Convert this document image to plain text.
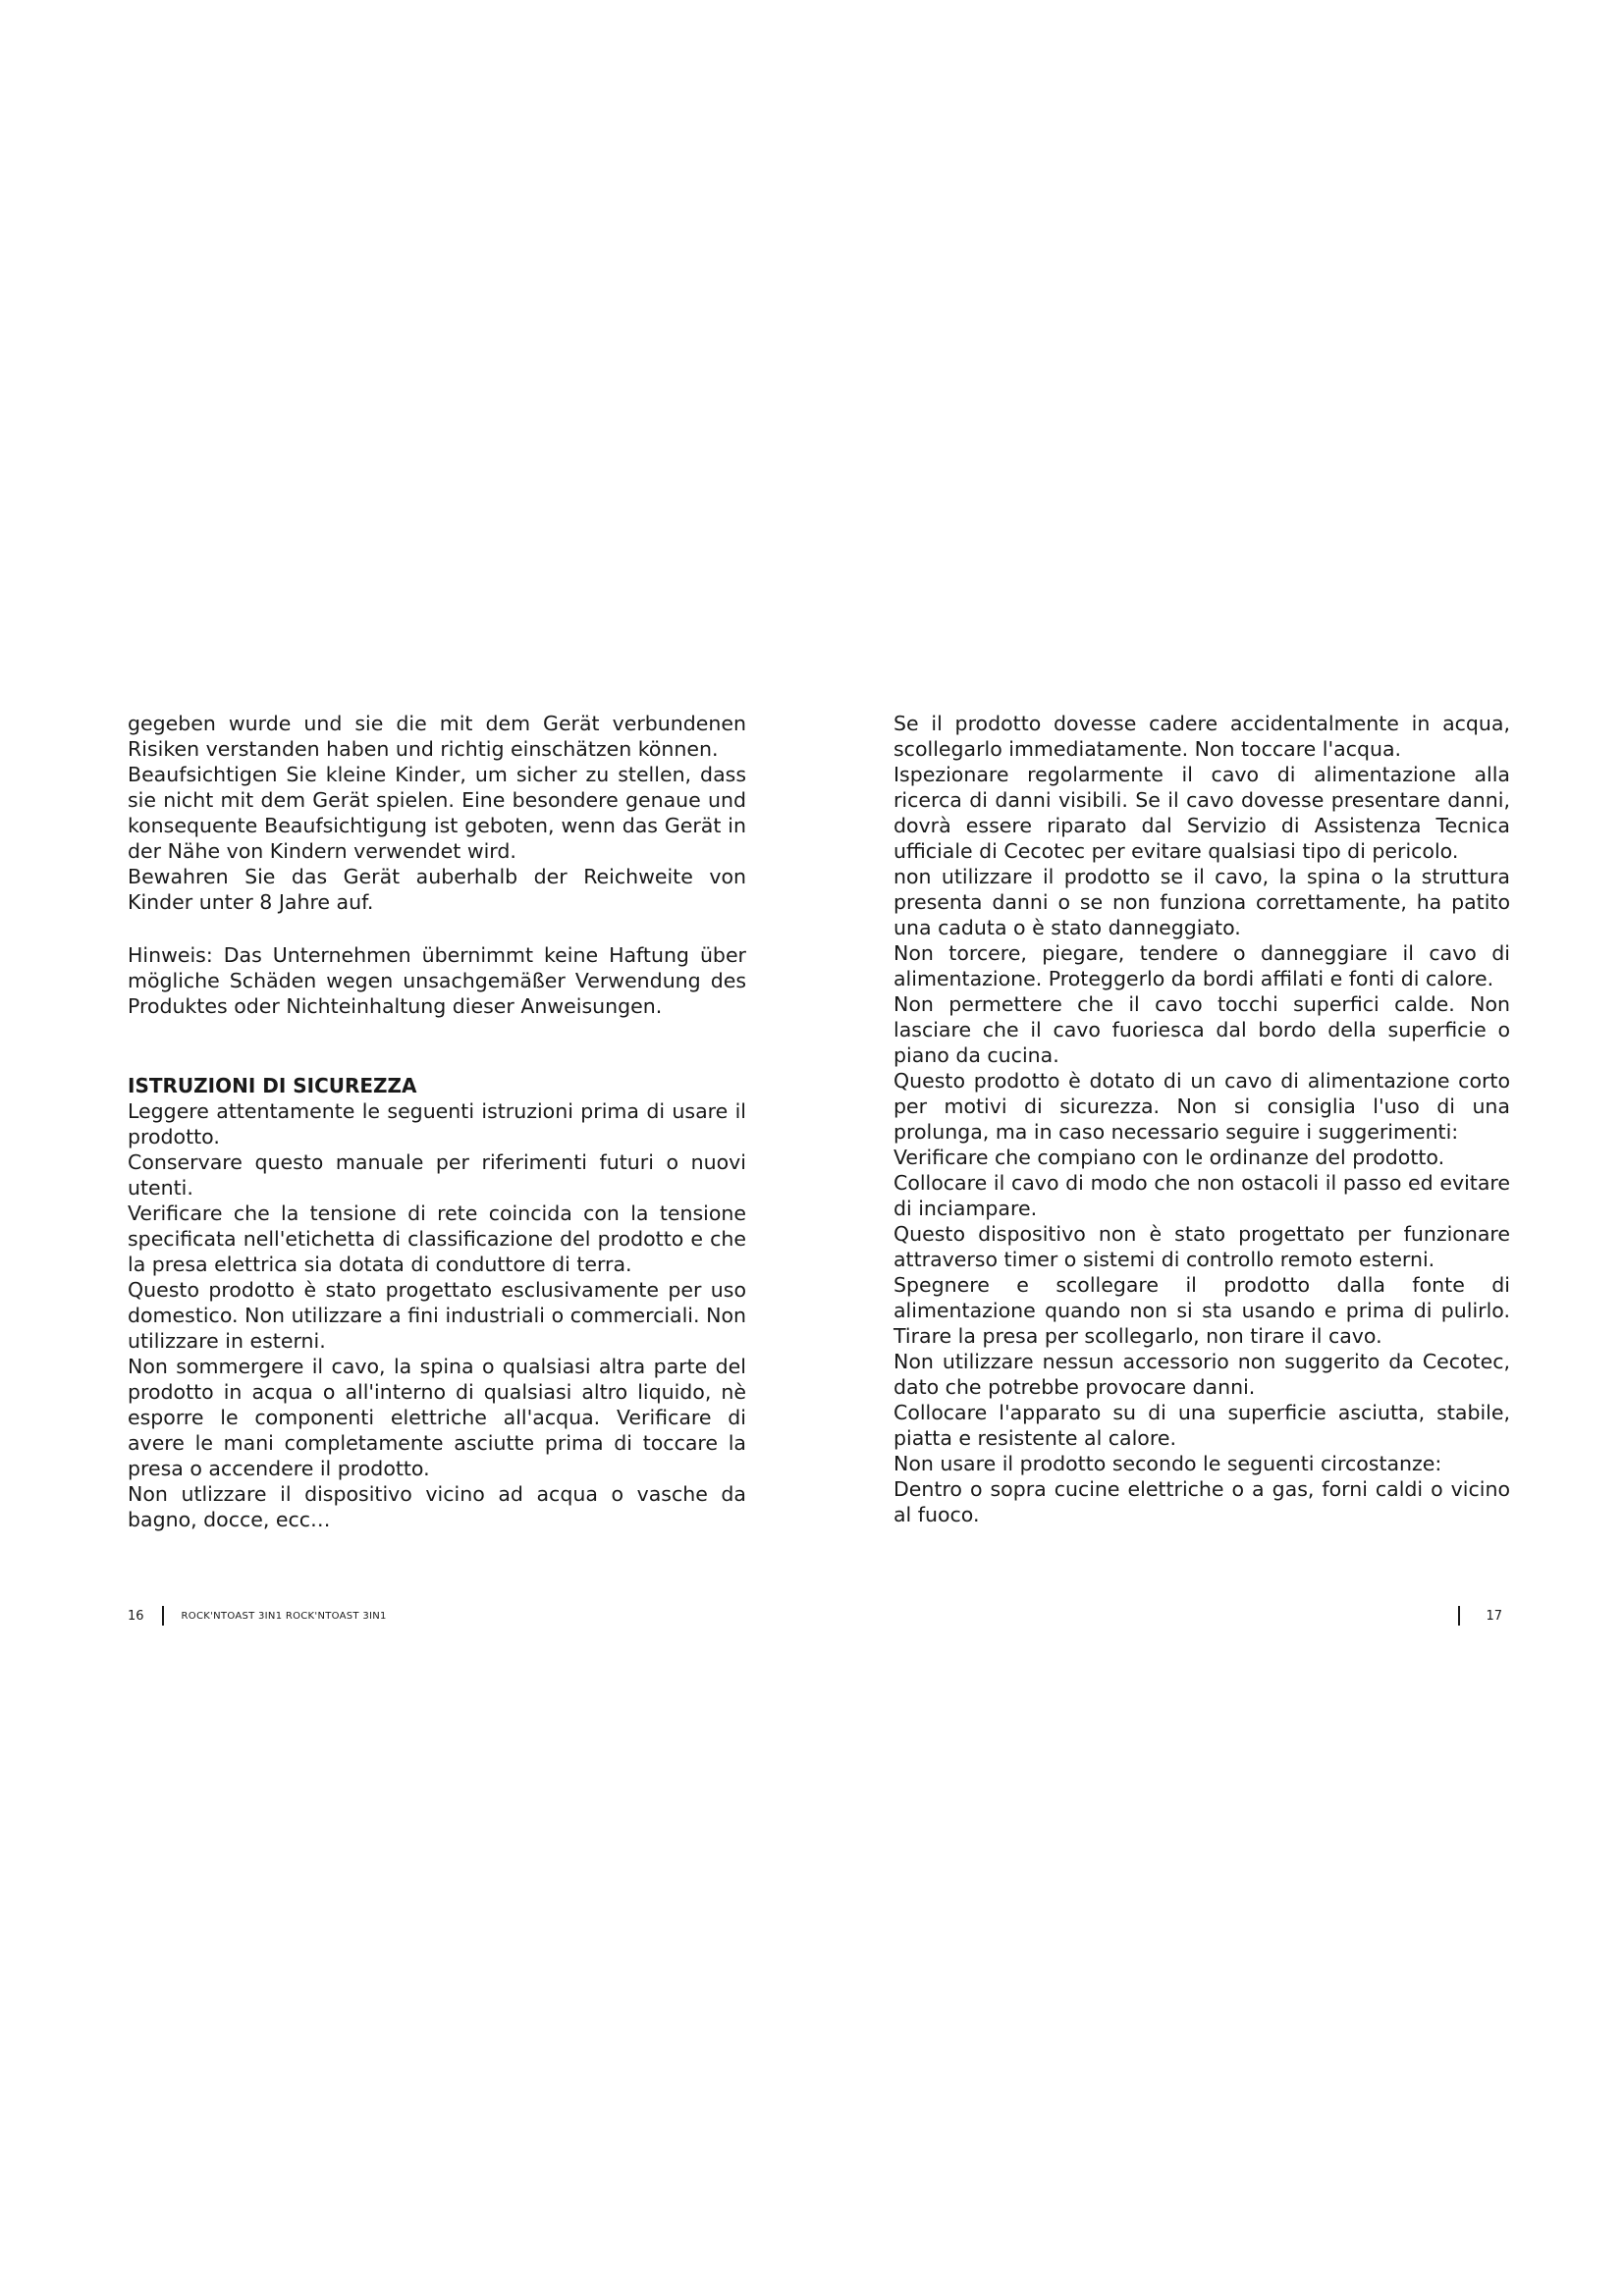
gegeben wurde und sie die mit dem Gerät verbundenen Risiken verstanden haben und richtig einschätzen können.

Beaufsichtigen Sie kleine Kinder, um sicher zu stellen, dass sie nicht mit dem Gerät spielen. Eine besondere genaue und konsequente Beaufsichtigung ist geboten, wenn das Gerät in der Nähe von Kindern verwendet wird.

Bewahren Sie das Gerät auberhalb der Reichweite von Kinder unter 8 Jahre auf.

Hinweis: Das Unternehmen übernimmt keine Haftung über mögliche Schäden wegen unsachgemäßer Verwendung des Produktes oder Nichteinhaltung dieser Anweisungen.

ISTRUZIONI DI SICUREZZA

Leggere attentamente le seguenti istruzioni prima di usare il prodotto.

Conservare questo manuale per riferimenti futuri o nuovi utenti.

Verificare che la tensione di rete coincida con la tensione specificata nell'etichetta di classificazione del prodotto e che la presa elettrica sia dotata di conduttore di terra.

Questo prodotto è stato progettato esclusivamente per uso domestico. Non utilizzare a fini industriali o commerciali. Non utilizzare in esterni.

Non sommergere il cavo, la spina o qualsiasi altra parte del prodotto in acqua o all'interno di qualsiasi altro liquido, nè esporre le componenti elettriche all'acqua. Verificare di avere le mani completamente asciutte prima di toccare la presa o accendere il prodotto.

Non utlizzare il dispositivo vicino ad acqua o vasche da bagno, docce, ecc…

Se il prodotto dovesse cadere accidentalmente in acqua, scollegarlo immediatamente. Non toccare l'acqua.

Ispezionare regolarmente il cavo di alimentazione alla ricerca di danni visibili. Se il cavo dovesse presentare danni, dovrà essere riparato dal Servizio di Assistenza Tecnica ufficiale di Cecotec per evitare qualsiasi tipo di pericolo.

non utilizzare il prodotto se il cavo, la spina o la struttura presenta danni o se non funziona correttamente, ha patito una caduta o è stato danneggiato.

Non torcere, piegare, tendere o danneggiare il cavo di alimentazione. Proteggerlo da bordi affilati e fonti di calore.

Non permettere che il cavo tocchi superfici calde. Non lasciare che il cavo fuoriesca dal bordo della superficie o piano da cucina.

Questo prodotto è dotato di un cavo di alimentazione corto per motivi di sicurezza. Non si consiglia l'uso di una prolunga, ma in caso necessario seguire i suggerimenti:

Verificare che compiano con le ordinanze del prodotto.

Collocare il cavo di modo che non ostacoli il passo ed evitare di inciampare.

Questo dispositivo non è stato progettato per funzionare attraverso timer o sistemi di controllo remoto esterni.

Spegnere e scollegare il prodotto dalla fonte di alimentazione quando non si sta usando e prima di pulirlo. Tirare la presa per scollegarlo, non tirare il cavo.

Non utilizzare nessun accessorio non suggerito da Cecotec, dato che potrebbe provocare danni.

Collocare l'apparato su di una superficie asciutta, stabile, piatta e resistente al calore.

Non usare il prodotto secondo le seguenti circostanze:

Dentro o sopra cucine elettriche o a gas, forni caldi o vicino al fuoco.

16	ROCK'NTOAST 3IN1 ROCK'NTOAST 3IN1	17
